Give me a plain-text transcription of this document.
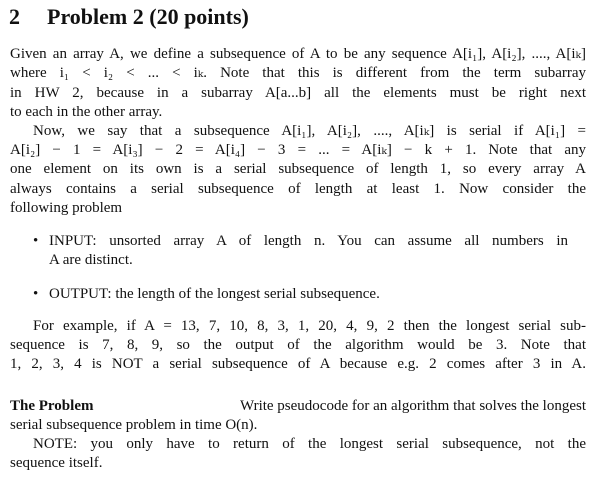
2 Problem 2 (20 points)
Given an array A, we define a subsequence of A to be any sequence A[i₁], A[i₂], ...., A[iₖ]
where i₁ < i₂ < ... < iₖ. Note that this is different from the term subarray
in HW 2, because in a subarray A[a...b] all the elements must be right next
to each in the other array.
Now, we say that a subsequence A[i₁], A[i₂], ...., A[iₖ] is serial if A[i₁] =
A[i₂] − 1 = A[i₃] − 2 = A[i₄] − 3 = ... = A[iₖ] − k + 1. Note that any
one element on its own is a serial subsequence of length 1, so every array A
always contains a serial subsequence of length at least 1. Now consider the
following problem
• INPUT: unsorted array A of length n. You can assume all numbers in
A are distinct.
• OUTPUT: the length of the longest serial subsequence.
For example, if A = 13, 7, 10, 8, 3, 1, 20, 4, 9, 2 then the longest serial sub-
sequence is 7, 8, 9, so the output of the algorithm would be 3. Note that
1, 2, 3, 4 is NOT a serial subsequence of A because e.g. 2 comes after 3 in A.
The Problem	Write pseudocode for an algorithm that solves the longest
serial subsequence problem in time O(n).
NOTE: you only have to return of the longest serial subsequence, not the
sequence itself.
